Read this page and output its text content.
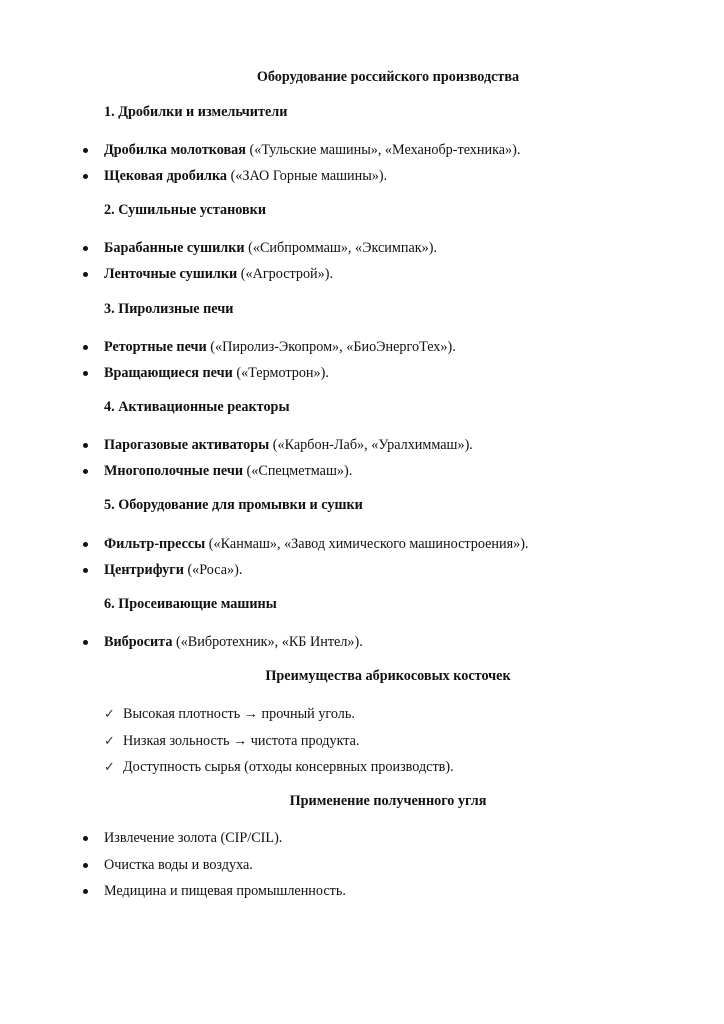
Оборудование российского производства
1. Дробилки и измельчители
Дробилка молотковая («Тульские машины», «Механобр-техника»).
Щековая дробилка («ЗАО Горные машины»).
2. Сушильные установки
Барабанные сушилки («Сибпроммаш», «Эксимпак»).
Ленточные сушилки («Агрострой»).
3. Пиролизные печи
Ретортные печи («Пиролиз-Экопром», «БиоЭнергоТех»).
Вращающиеся печи («Термотрон»).
4. Активационные реакторы
Парогазовые активаторы («Карбон-Лаб», «Уралхиммаш»).
Многополочные печи («Спецметмаш»).
5. Оборудование для промывки и сушки
Фильтр-прессы («Канмаш», «Завод химического машиностроения»).
Центрифуги («Роса»).
6. Просеивающие машины
Вибросита («Вибротехник», «КБ Интел»).
Преимущества абрикосовых косточек
✓ Высокая плотность → прочный уголь.
✓ Низкая зольность → чистота продукта.
✓ Доступность сырья (отходы консервных производств).
Применение полученного угля
Извлечение золота (CIP/CIL).
Очистка воды и воздуха.
Медицина и пищевая промышленность.
